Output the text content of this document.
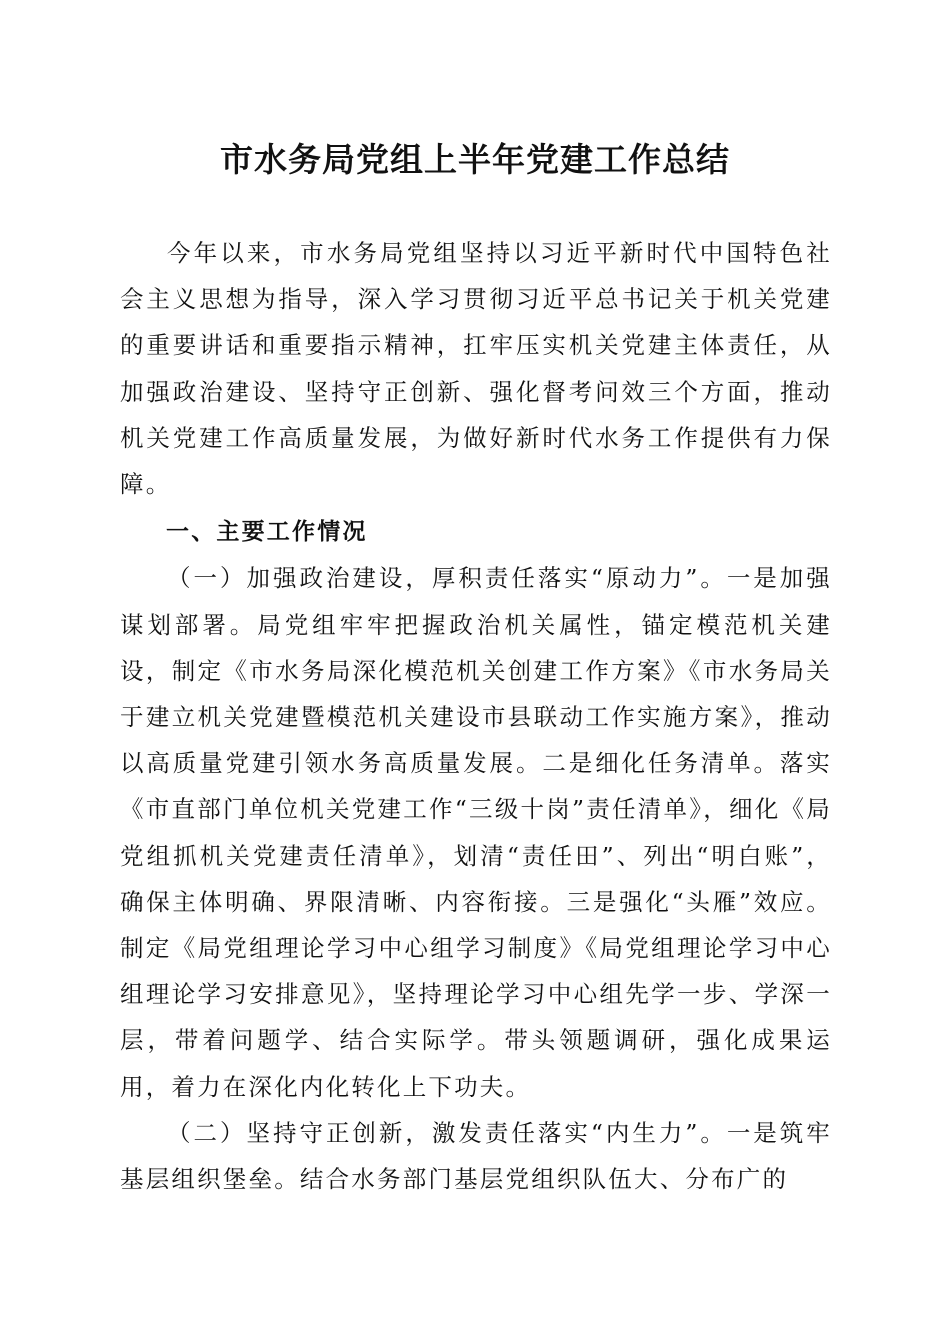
市水务局党组上半年党建工作总结

今年以来，市水务局党组坚持以习近平新时代中国特色社会主义思想为指导，深入学习贯彻习近平总书记关于机关党建的重要讲话和重要指示精神，扛牢压实机关党建主体责任，从加强政治建设、坚持守正创新、强化督考问效三个方面，推动机关党建工作高质量发展，为做好新时代水务工作提供有力保障。

一、主要工作情况

（一）加强政治建设，厚积责任落实“原动力”。一是加强谋划部署。局党组牢牢把握政治机关属性，锚定模范机关建设，制定《市水务局深化模范机关创建工作方案》《市水务局关于建立机关党建暨模范机关建设市县联动工作实施方案》，推动以高质量党建引领水务高质量发展。二是细化任务清单。落实《市直部门单位机关党建工作“三级十岗”责任清单》，细化《局党组抓机关党建责任清单》，划清“责任田”、列出“明白账”，确保主体明确、界限清晰、内容衔接。三是强化“头雁”效应。制定《局党组理论学习中心组学习制度》《局党组理论学习中心组理论学习安排意见》，坚持理论学习中心组先学一步、学深一层，带着问题学、结合实际学。带头领题调研，强化成果运用，着力在深化内化转化上下功夫。

（二）坚持守正创新，激发责任落实“内生力”。一是筑牢基层组织堡垒。结合水务部门基层党组织队伍大、分布广的
